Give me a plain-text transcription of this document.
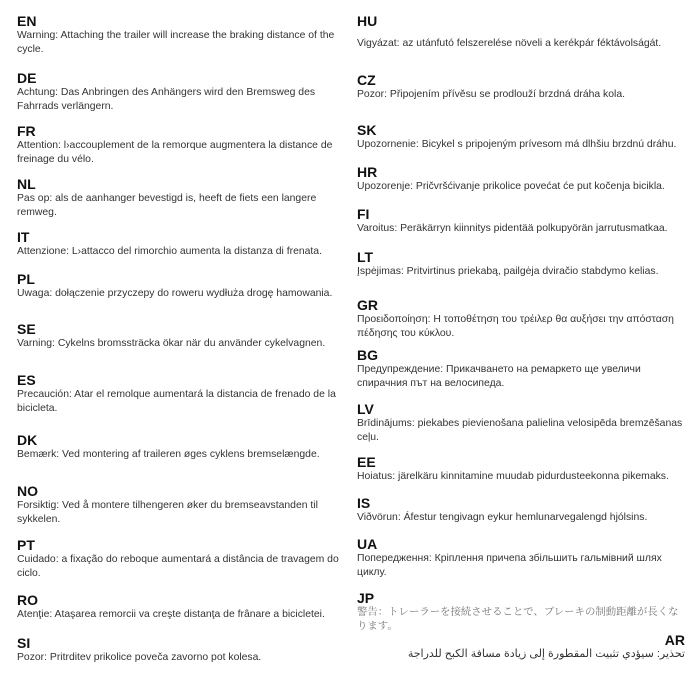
EN
Warning: Attaching the trailer will increase the braking distance of the cycle.
DE
Achtung: Das Anbringen des Anhängers wird den Bremsweg des Fahrrads verlängern.
FR
Attention: l›accouplement de la remorque augmentera la distance de freinage du vélo.
NL
Pas op: als de aanhanger bevestigd is, heeft de fiets een langere remweg.
IT
Attenzione: L›attacco del rimorchio aumenta la distanza di frenata.
PL
Uwaga: dołączenie przyczepy do roweru wydłuża drogę hamowania.
SE
Varning: Cykelns bromssträcka ökar när du använder cykelvagnen.
ES
Precaución: Atar el remolque aumentará la distancia de frenado de la bicicleta.
DK
Bemærk: Ved montering af traileren øges cyklens bremselængde.
NO
Forsiktig: Ved å montere tilhengeren øker du bremseavstanden til sykkelen.
PT
Cuidado: a fixação do reboque aumentará a distância de travagem do ciclo.
RO
Atenţie: Ataşarea remorcii va creşte distanţa de frânare a bicicletei.
SI
Pozor: Pritrditev prikolice poveča zavorno pot kolesa.
HU
Vigyázat: az utánfutó felszerelése növeli a kerékpár féktávolságát.
CZ
Pozor: Připojením přívěsu se prodlouží brzdná dráha kola.
SK
Upozornenie: Bicykel s pripojeným prívesom má dlhšiu brzdnú dráhu.
HR
Upozorenje: Pričvršćivanje prikolice povećat će put kočenja bicikla.
FI
Varoitus: Peräkärryn kiinnitys pidentää polkupyörän jarrutusmatkaa.
LT
Įspėjimas: Pritvirtinus priekabą, pailgėja dviračio stabdymo kelias.
GR
Προειδοποίηση: Η τοποθέτηση του τρέιλερ θα αυξήσει την απόσταση πέδησης του κύκλου.
BG
Предупреждение: Прикачването на ремаркето ще увеличи спирачния път на велосипеда.
LV
Brīdinājums: piekabes pievienošana palielina velosipēda bremzēšanas ceļu.
EE
Hoiatus: järelkäru kinnitamine muudab pidurdusteekonna pikemaks.
IS
Viðvörun: Áfestur tengivagn eykur hemlunarvegalengd hjólsins.
UA
Попередження: Кріплення причепа збільшить гальмівний шлях циклу.
JP
警告：トレーラーを接続させることで、ブレーキの制動距離が長くなります。
AR
تحذير: سيؤدي تثبيت المقطورة إلى زيادة مسافة الكبح للدراجة
